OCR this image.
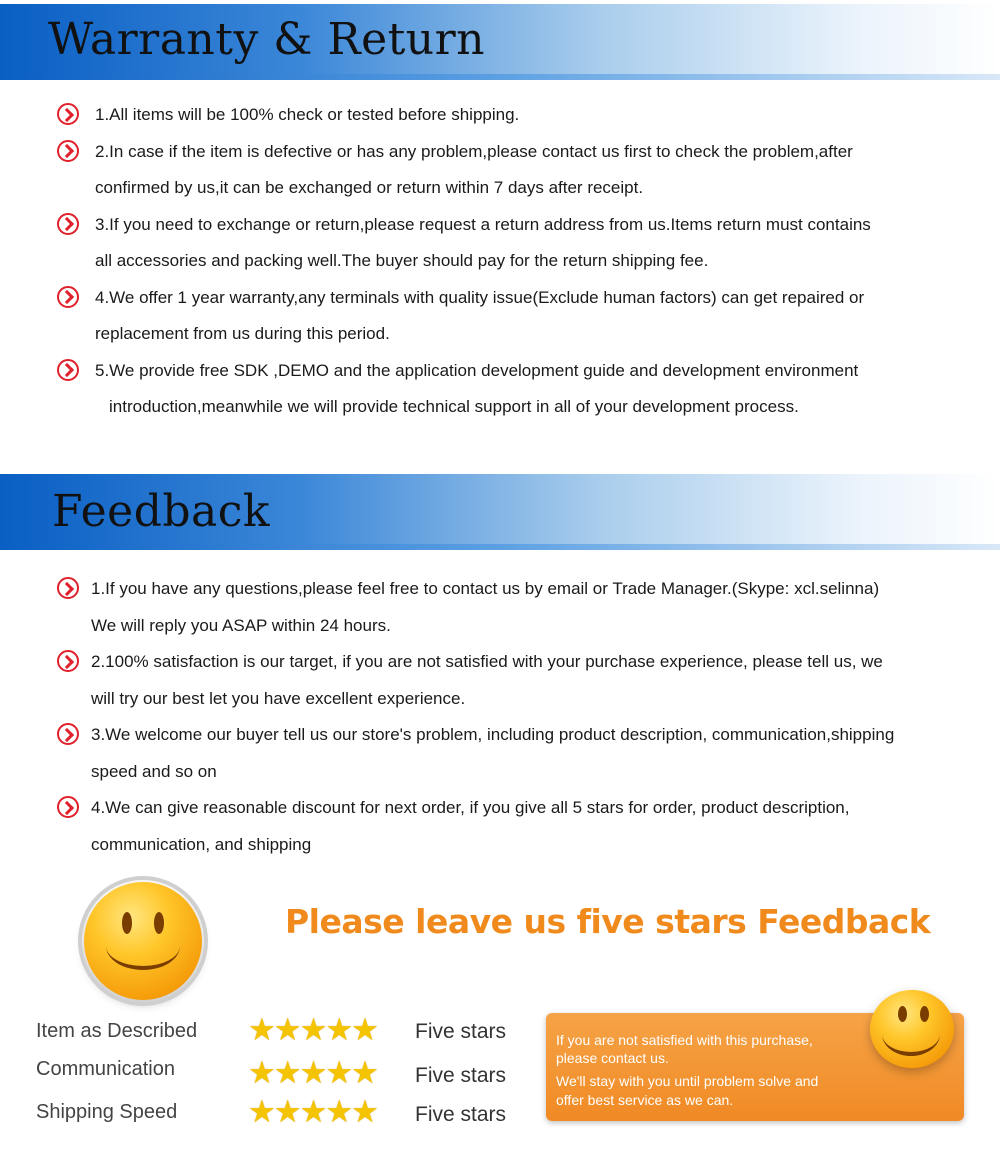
Warranty & Return
1.All items will be 100% check or tested before shipping.
2.In case if the item is defective or has any problem,please contact us first to check the problem,after
confirmed by us,it can be exchanged or return within 7 days after receipt.
3.If you need to exchange or return,please request a return address from us.Items return must contains
all accessories and packing well.The buyer should pay for the return shipping fee.
4.We offer 1 year warranty,any terminals with quality issue(Exclude human factors) can get repaired or
replacement from us during this period.
5.We provide free SDK ,DEMO and the application development guide and development environment
introduction,meanwhile we will provide technical support in all of your development process.
Feedback
1.If you have any questions,please feel free to contact us by email or Trade Manager.(Skype: xcl.selinna)
We will reply you ASAP within 24 hours.
2.100% satisfaction is our target, if you are not satisfied with your purchase experience, please tell us, we
will try our best let you have excellent experience.
3.We welcome our buyer tell us our store's problem, including product description, communication,shipping
speed and so on
4.We can give reasonable discount for next order, if you give all 5 stars for order, product description,
communication, and shipping
Please leave us five stars Feedback
Item as Described ★★★★★ Five stars
Communication ★★★★★ Five stars
Shipping Speed ★★★★★ Five stars
If you are not satisfied with this purchase,
please contact us.
We'll stay with you until problem solve and
offer best service as we can.
